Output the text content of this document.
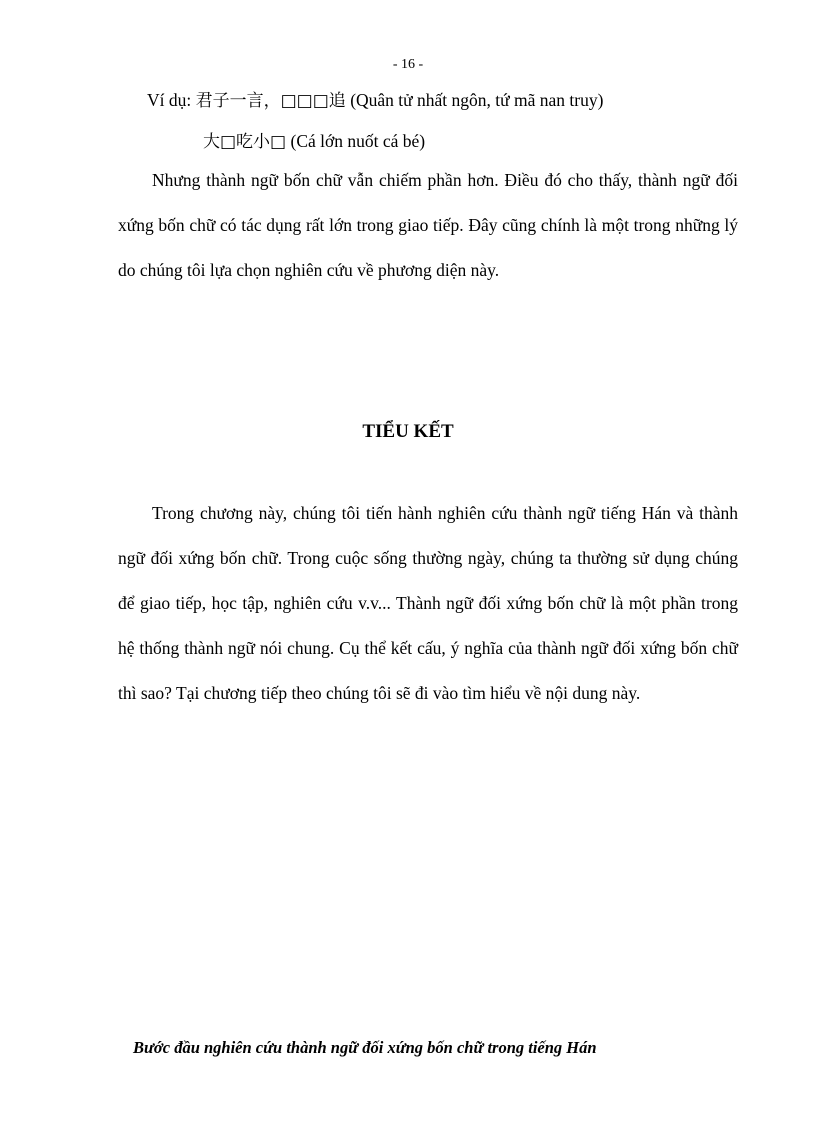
- 16 -
Ví dụ: 君子一言，□□□追 (Quân tử nhất ngôn, tứ mã nan truy)
大□吃小□ (Cá lớn nuốt cá bé)

Nhưng thành ngữ bốn chữ vẫn chiếm phần hơn. Điều đó cho thấy, thành ngữ đối xứng bốn chữ có tác dụng rất lớn trong giao tiếp. Đây cũng chính là một trong những lý do chúng tôi lựa chọn nghiên cứu về phương diện này.

TIỂU KẾT

Trong chương này, chúng tôi tiến hành nghiên cứu thành ngữ tiếng Hán và thành ngữ đối xứng bốn chữ. Trong cuộc sống thường ngày, chúng ta thường sử dụng chúng để giao tiếp, học tập, nghiên cứu v.v... Thành ngữ đối xứng bốn chữ là một phần trong hệ thống thành ngữ nói chung. Cụ thể kết cấu, ý nghĩa của thành ngữ đối xứng bốn chữ thì sao? Tại chương tiếp theo chúng tôi sẽ đi vào tìm hiểu về nội dung này.

Bước đầu nghiên cứu thành ngữ đối xứng bốn chữ trong tiếng Hán
